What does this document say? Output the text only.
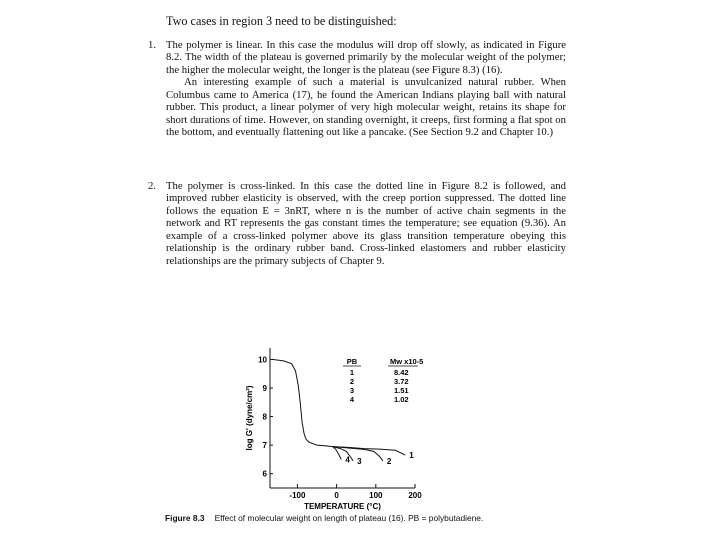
Two cases in region 3 need to be distinguished:
1. The polymer is linear. In this case the modulus will drop off slowly, as indicated in Figure 8.2. The width of the plateau is governed primarily by the molecular weight of the polymer; the higher the molecular weight, the longer is the plateau (see Figure 8.3) (16).

An interesting example of such a material is unvulcanized natural rubber. When Columbus came to America (17), he found the American Indians playing ball with natural rubber. This product, a linear polymer of very high molecular weight, retains its shape for short durations of time. However, on standing overnight, it creeps, first forming a flat spot on the bottom, and eventually flattening out like a pancake. (See Section 9.2 and Chapter 10.)

2. The polymer is cross-linked. In this case the dotted line in Figure 8.2 is followed, and improved rubber elasticity is observed, with the creep portion suppressed. The dotted line follows the equation E = 3nRT, where n is the number of active chain segments in the network and RT represents the gas constant times the temperature; see equation (9.36). An example of a cross-linked polymer above its glass transition temperature obeying this relationship is the ordinary rubber band. Cross-linked elastomers and rubber elasticity relationships are the primary subjects of Chapter 9.

-100	0	100	200
6
7
8
9
10
TEMPERATURE (°C)
log G′ (dyne/cm²)
1
2
3
4
PB	Mw x10-5
1	8.42
2	3.72
3	1.51
4	1.02
Figure 8.3 Effect of molecular weight on length of plateau (16). PB = polybutadiene.
